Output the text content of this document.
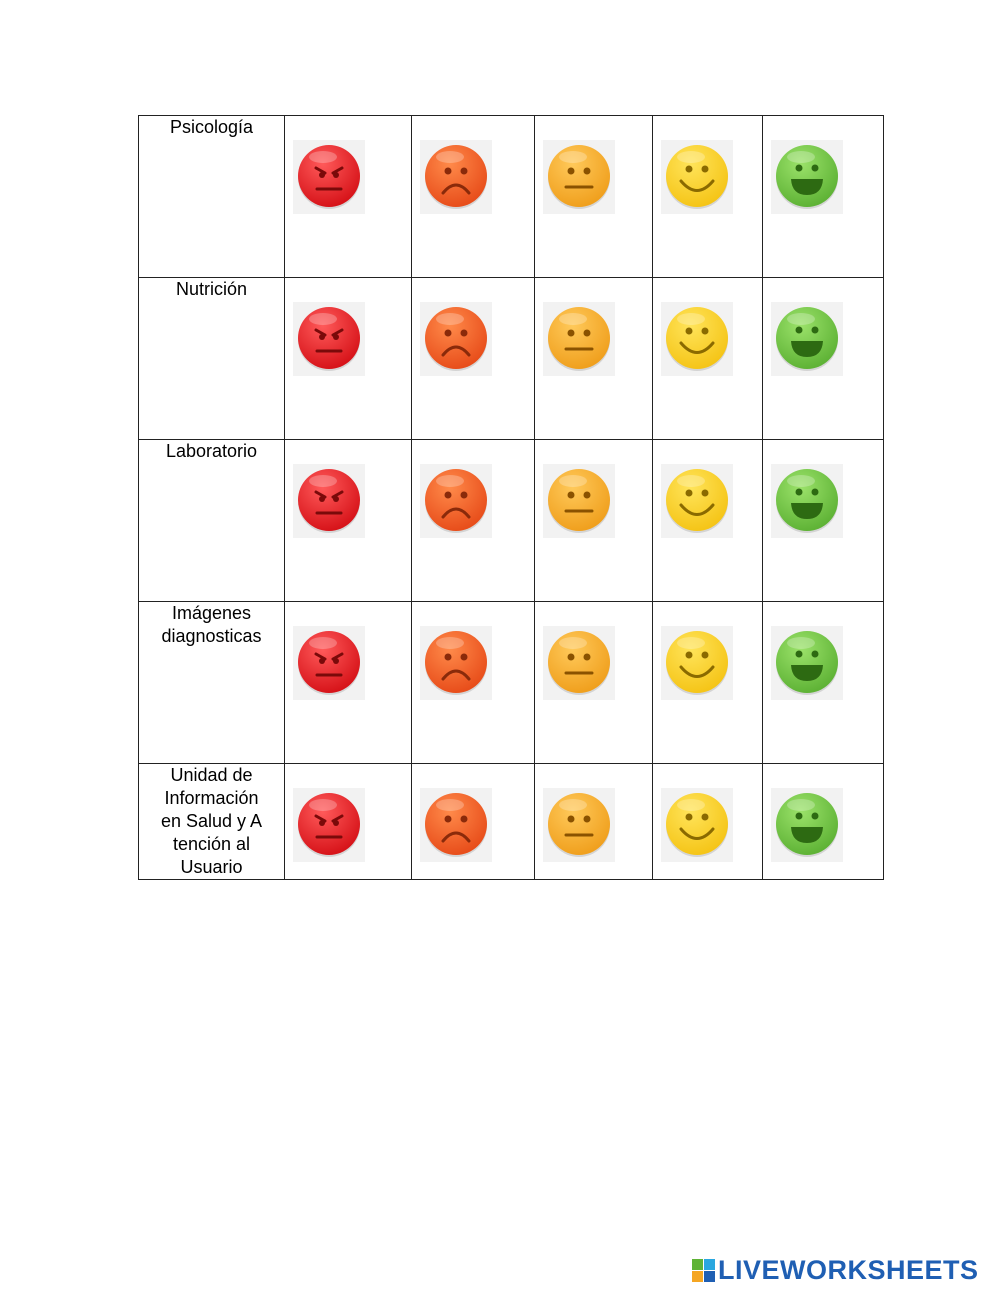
Psicología

Nutrición

Laboratorio

Imágenes
diagnosticas

Unidad de
Información
en Salud y A
tención al
Usuario

LIVEWORKSHEETS
